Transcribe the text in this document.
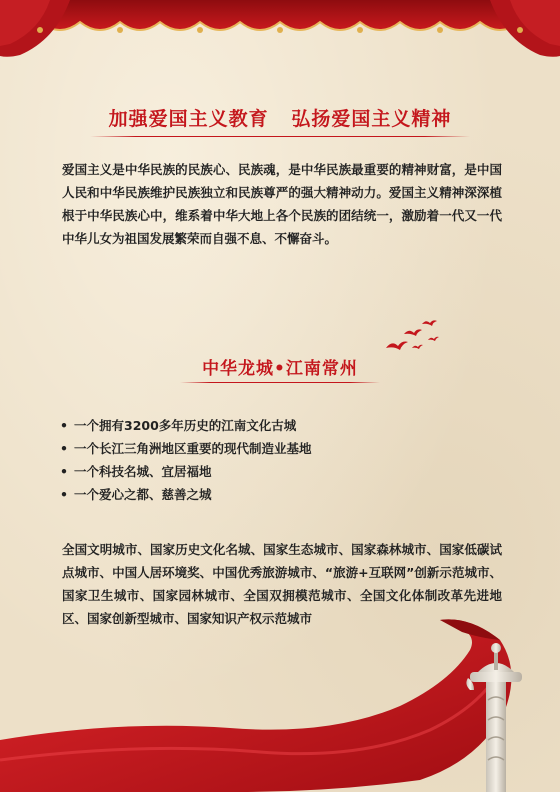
加强爱国主义教育   弘扬爱国主义精神
爱国主义是中华民族的民族心、民族魂，是中华民族最重要的精神财富，是中国人民和中华民族维护民族独立和民族尊严的强大精神动力。爱国主义精神深深植根于中华民族心中，维系着中华大地上各个民族的团结统一，激励着一代又一代中华儿女为祖国发展繁荣而自强不息、不懈奋斗。
中华龙城•江南常州
• 一个拥有3200多年历史的江南文化古城
• 一个长江三角洲地区重要的现代制造业基地
• 一个科技名城、宜居福地
• 一个爱心之都、慈善之城
全国文明城市、国家历史文化名城、国家生态城市、国家森林城市、国家低碳试点城市、中国人居环境奖、中国优秀旅游城市、“旅游+互联网”创新示范城市、国家卫生城市、国家园林城市、全国双拥模范城市、全国文化体制改革先进地区、国家创新型城市、国家知识产权示范城市
